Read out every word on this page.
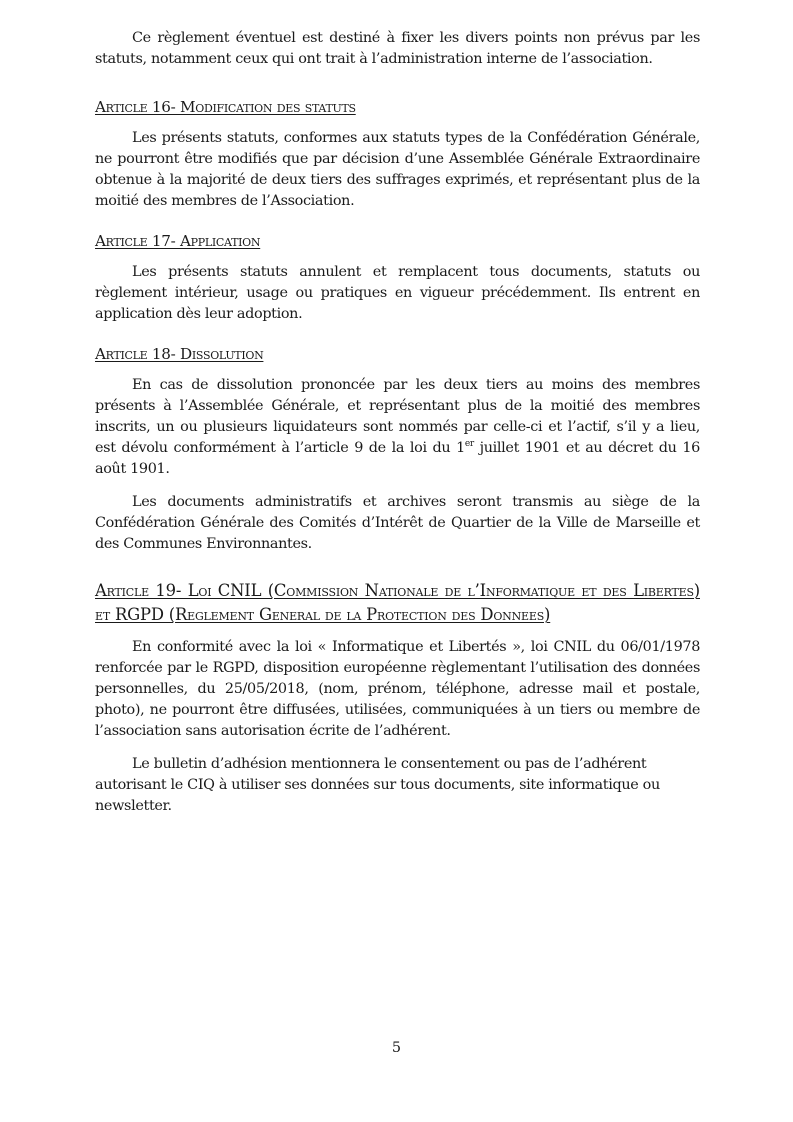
Ce règlement éventuel est destiné à fixer les divers points non prévus par les statuts, notamment ceux qui ont trait à l’administration interne de l’association.

Article 16- Modification des statuts

Les présents statuts, conformes aux statuts types de la Confédération Générale, ne pourront être modifiés que par décision d’une Assemblée Générale Extraordinaire obtenue à la majorité de deux tiers des suffrages exprimés, et représentant plus de la moitié des membres de l’Association.

Article 17- Application

Les présents statuts annulent et remplacent tous documents, statuts ou règlement intérieur, usage ou pratiques en vigueur précédemment. Ils entrent en application dès leur adoption.

Article 18- Dissolution

En cas de dissolution prononcée par les deux tiers au moins des membres présents à l’Assemblée Générale, et représentant plus de la moitié des membres inscrits, un ou plusieurs liquidateurs sont nommés par celle-ci et l’actif, s’il y a lieu, est dévolu conformément à l’article 9 de la loi du 1er juillet 1901 et au décret du 16 août 1901.

Les documents administratifs et archives seront transmis au siège de la Confédération Générale des Comités d’Intérêt de Quartier de la Ville de Marseille et des Communes Environnantes.

Article 19- Loi CNIL (Commission Nationale de l’Informatique et des Libertes) et RGPD (Reglement General de la Protection des Donnees)

En conformité avec la loi « Informatique et Libertés », loi CNIL du 06/01/1978 renforcée par le RGPD, disposition européenne règlementant l’utilisation des données personnelles, du 25/05/2018, (nom, prénom, téléphone, adresse mail et postale, photo), ne pourront être diffusées, utilisées, communiquées à un tiers ou membre de l’association sans autorisation écrite de l’adhérent.

Le bulletin d’adhésion mentionnera le consentement ou pas de l’adhérent autorisant le CIQ à utiliser ses données sur tous documents, site informatique ou newsletter.

5
